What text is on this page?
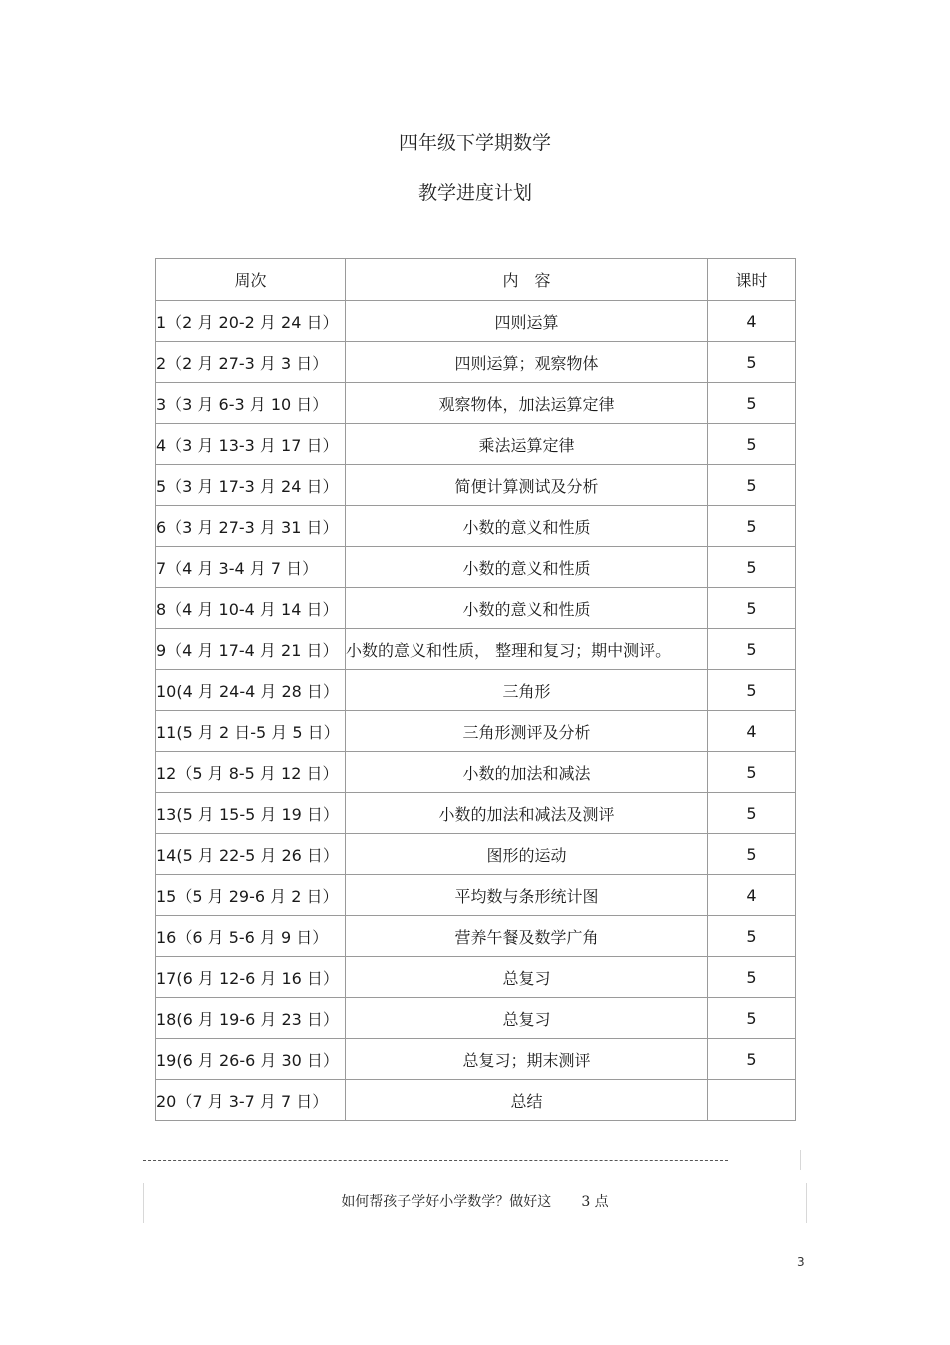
四年级下学期数学
教学进度计划
周次	内　容	课时
1（2 月 20-2 月 24 日）	四则运算	4
2（2 月 27-3 月 3 日）	四则运算；观察物体	5
3（3 月 6-3 月 10 日）	观察物体，加法运算定律	5
4（3 月 13-3 月 17 日）	乘法运算定律	5
5（3 月 17-3 月 24 日）	简便计算测试及分析	5
6（3 月 27-3 月 31 日）	小数的意义和性质	5
7（4 月 3-4 月 7 日）	小数的意义和性质	5
8（4 月 10-4 月 14 日）	小数的意义和性质	5
9（4 月 17-4 月 21 日）	小数的意义和性质， 整理和复习；期中测评。	5
10(4 月 24-4 月 28 日）	三角形	5
11(5 月 2 日-5 月 5 日）	三角形测评及分析	4
12（5 月 8-5 月 12 日）	小数的加法和减法	5
13(5 月 15-5 月 19 日）	小数的加法和减法及测评	5
14(5 月 22-5 月 26 日）	图形的运动	5
15（5 月 29-6 月 2 日）	平均数与条形统计图	4
16（6 月 5-6 月 9 日）	营养午餐及数学广角	5
17(6 月 12-6 月 16 日）	总复习	5
18(6 月 19-6 月 23 日）	总复习	5
19(6 月 26-6 月 30 日）	总复习；期末测评	5
20（7 月 3-7 月 7 日）	总结	
如何帮孩子学好小学数学？做好这 3 点
3
